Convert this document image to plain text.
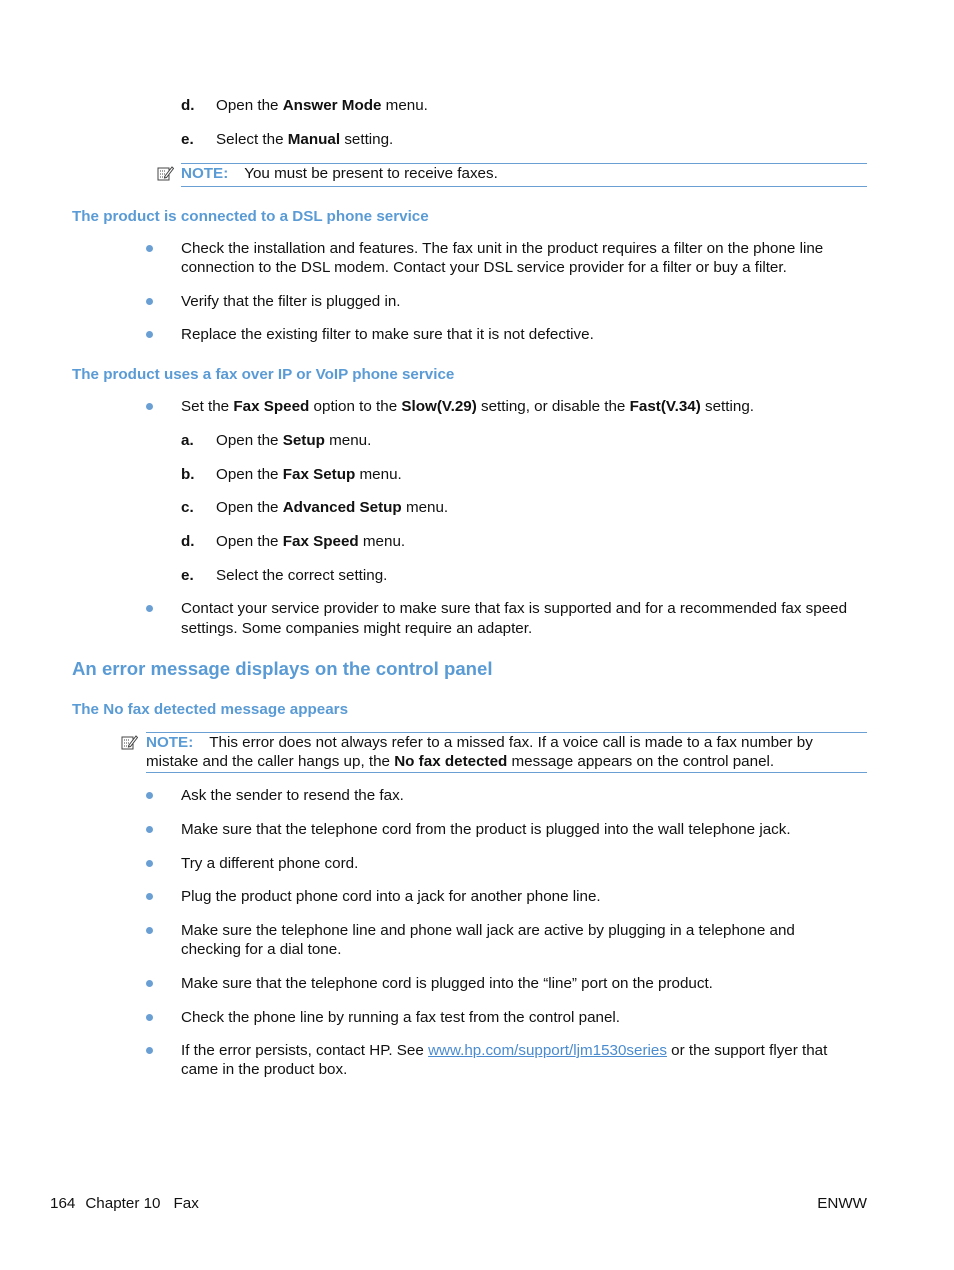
d. Open the Answer Mode menu.
e. Select the Manual setting.
NOTE: You must be present to receive faxes.
The product is connected to a DSL phone service
Check the installation and features. The fax unit in the product requires a filter on the phone line
connection to the DSL modem. Contact your DSL service provider for a filter or buy a filter.
Verify that the filter is plugged in.
Replace the existing filter to make sure that it is not defective.
The product uses a fax over IP or VoIP phone service
Set the Fax Speed option to the Slow(V.29) setting, or disable the Fast(V.34) setting.
a. Open the Setup menu.
b. Open the Fax Setup menu.
c. Open the Advanced Setup menu.
d. Open the Fax Speed menu.
e. Select the correct setting.
Contact your service provider to make sure that fax is supported and for a recommended fax speed
settings. Some companies might require an adapter.
An error message displays on the control panel
The No fax detected message appears
NOTE: This error does not always refer to a missed fax. If a voice call is made to a fax number by
mistake and the caller hangs up, the No fax detected message appears on the control panel.
Ask the sender to resend the fax.
Make sure that the telephone cord from the product is plugged into the wall telephone jack.
Try a different phone cord.
Plug the product phone cord into a jack for another phone line.
Make sure the telephone line and phone wall jack are active by plugging in a telephone and
checking for a dial tone.
Make sure that the telephone cord is plugged into the “line” port on the product.
Check the phone line by running a fax test from the control panel.
If the error persists, contact HP. See www.hp.com/support/ljm1530series or the support flyer that
came in the product box.
164 Chapter 10 Fax	ENWW
